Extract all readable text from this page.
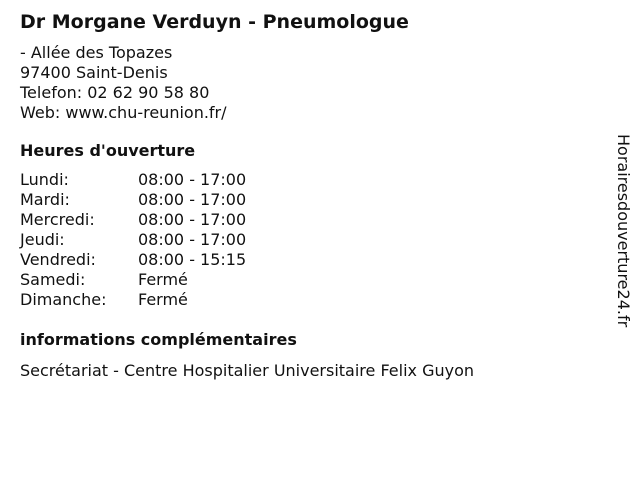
Dr Morgane Verduyn - Pneumologue
- Allée des Topazes
97400 Saint-Denis
Telefon: 02 62 90 58 80
Web: www.chu-reunion.fr/
Heures d'ouverture
Lundi:	08:00 - 17:00
Mardi:	08:00 - 17:00
Mercredi:	08:00 - 17:00
Jeudi:	08:00 - 17:00
Vendredi:	08:00 - 15:15
Samedi:	Fermé
Dimanche:	Fermé
informations complémentaires
Secrétariat - Centre Hospitalier Universitaire Felix Guyon
Horairesdouverture24.fr
